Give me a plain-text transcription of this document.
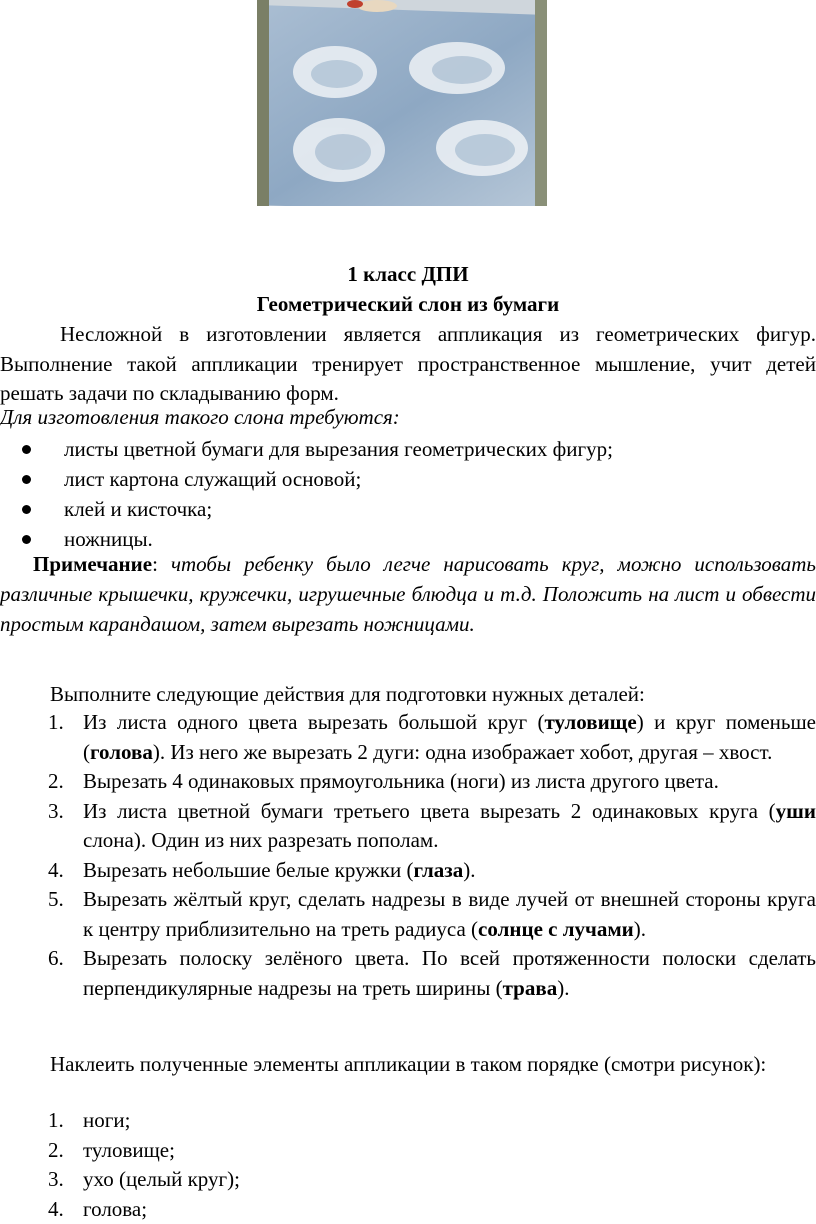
1 класс ДПИ
Геометрический слон из бумаги
Несложной в изготовлении является аппликация из геометрических фигур. Выполнение такой аппликации тренирует пространственное мышление, учит детей решать задачи по складыванию форм.
Для изготовления такого слона требуются:
листы цветной бумаги для вырезания геометрических фигур;
лист картона служащий основой;
клей и кисточка;
ножницы.
Примечание: чтобы ребенку было легче нарисовать круг, можно использовать различные крышечки, кружечки, игрушечные блюдца и т.д. Положить на лист и обвести простым карандашом, затем вырезать ножницами.
Выполните следующие действия для подготовки нужных деталей:
1. Из листа одного цвета вырезать большой круг (туловище) и круг поменьше (голова). Из него же вырезать 2 дуги: одна изображает хобот, другая – хвост.
2. Вырезать 4 одинаковых прямоугольника (ноги) из листа другого цвета.
3. Из листа цветной бумаги третьего цвета вырезать 2 одинаковых круга (уши слона). Один из них разрезать пополам.
4. Вырезать небольшие белые кружки (глаза).
5. Вырезать жёлтый круг, сделать надрезы в виде лучей от внешней стороны круга к центру приблизительно на треть радиуса (солнце с лучами).
6. Вырезать полоску зелёного цвета. По всей протяженности полоски сделать перпендикулярные надрезы на треть ширины (трава).
Наклеить полученные элементы аппликации в таком порядке (смотри рисунок):
1. ноги;
2. туловище;
3. ухо (целый круг);
4. голова;
